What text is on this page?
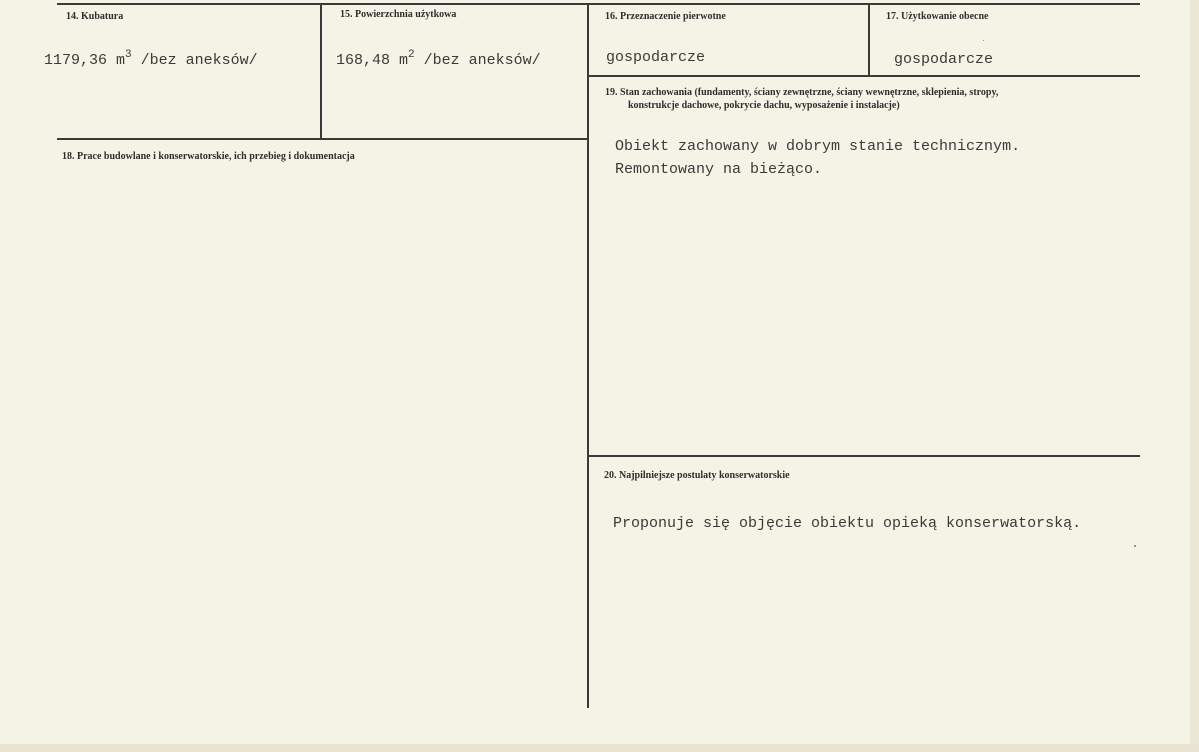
14. Kubatura
1179,36 $m^3$ /bez aneksów/
15. Powierzchnia użytkowa
168,48 $m^2$ /bez aneksów/
16. Przeznaczenie pierwotne
gospodarcze
17. Użytkowanie obecne
gospodarcze
18. Prace budowlane i konserwatorskie, ich przebieg i dokumentacja
19. Stan zachowania (fundamenty, ściany zewnętrzne, ściany wewnętrzne, sklepienia, stropy,
konstrukcje dachowe, pokrycie dachu, wyposażenie i instalacje)
Obiekt zachowany w dobrym stanie technicznym.
Remontowany na bieżąco.
20. Najpilniejsze postulaty konserwatorskie
Proponuje się objęcie obiektu opieką konserwatorską.
